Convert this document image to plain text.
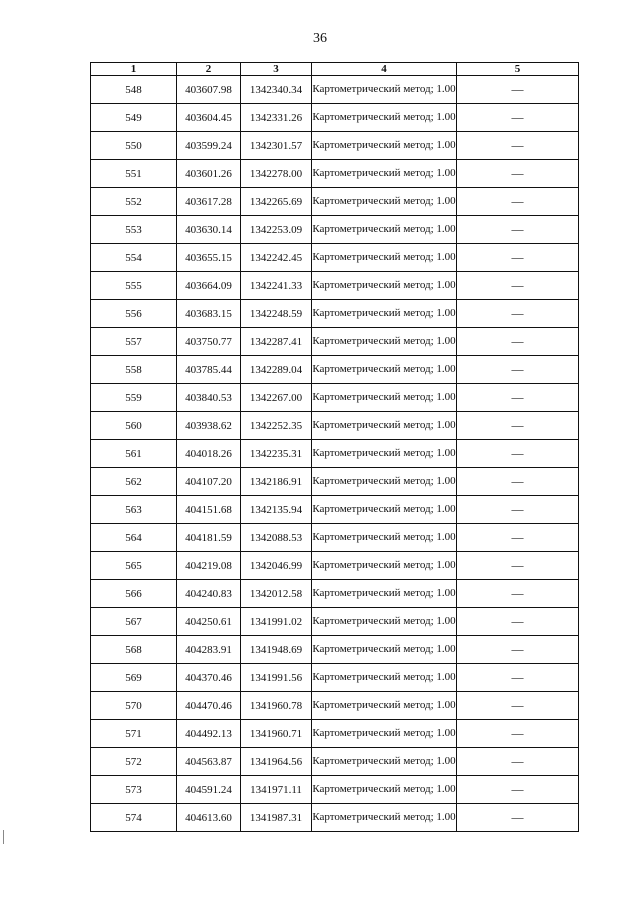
36
1	2	3	4	5
548	403607.98	1342340.34	Картометрический метод; 1.00	—
549	403604.45	1342331.26	Картометрический метод; 1.00	—
550	403599.24	1342301.57	Картометрический метод; 1.00	—
551	403601.26	1342278.00	Картометрический метод; 1.00	—
552	403617.28	1342265.69	Картометрический метод; 1.00	—
553	403630.14	1342253.09	Картометрический метод; 1.00	—
554	403655.15	1342242.45	Картометрический метод; 1.00	—
555	403664.09	1342241.33	Картометрический метод; 1.00	—
556	403683.15	1342248.59	Картометрический метод; 1.00	—
557	403750.77	1342287.41	Картометрический метод; 1.00	—
558	403785.44	1342289.04	Картометрический метод; 1.00	—
559	403840.53	1342267.00	Картометрический метод; 1.00	—
560	403938.62	1342252.35	Картометрический метод; 1.00	—
561	404018.26	1342235.31	Картометрический метод; 1.00	—
562	404107.20	1342186.91	Картометрический метод; 1.00	—
563	404151.68	1342135.94	Картометрический метод; 1.00	—
564	404181.59	1342088.53	Картометрический метод; 1.00	—
565	404219.08	1342046.99	Картометрический метод; 1.00	—
566	404240.83	1342012.58	Картометрический метод; 1.00	—
567	404250.61	1341991.02	Картометрический метод; 1.00	—
568	404283.91	1341948.69	Картометрический метод; 1.00	—
569	404370.46	1341991.56	Картометрический метод; 1.00	—
570	404470.46	1341960.78	Картометрический метод; 1.00	—
571	404492.13	1341960.71	Картометрический метод; 1.00	—
572	404563.87	1341964.56	Картометрический метод; 1.00	—
573	404591.24	1341971.11	Картометрический метод; 1.00	—
574	404613.60	1341987.31	Картометрический метод; 1.00	—
